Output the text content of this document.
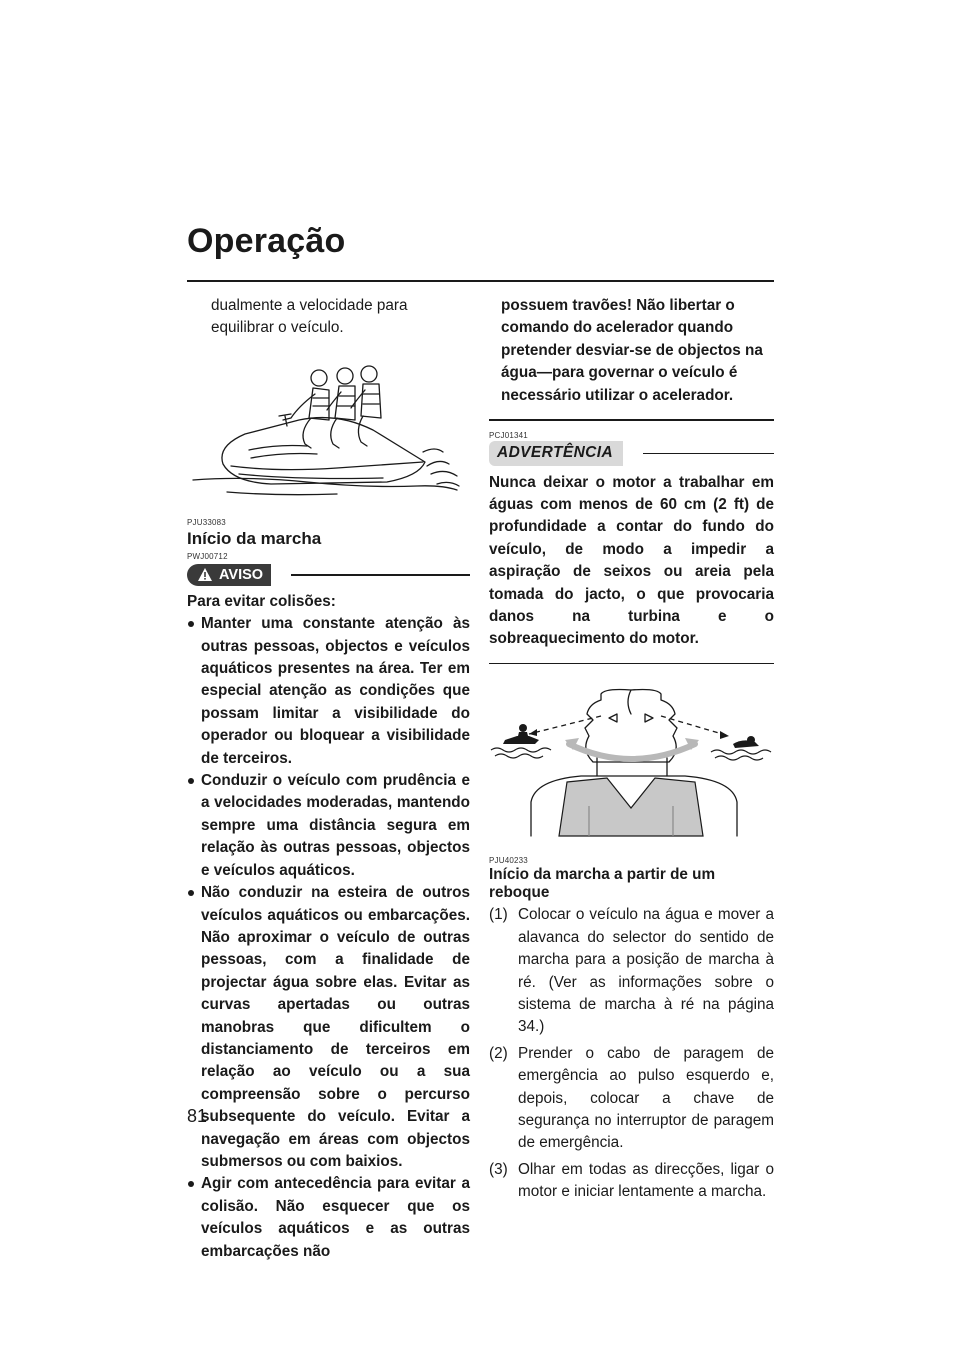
Operação
dualmente a velocidade para equilibrar o veículo.
PJU33083
Início da marcha
PWJ00712
AVISO
Para evitar colisões:
Manter uma constante atenção às outras pessoas, objectos e veículos aquáticos presentes na área. Ter em especial atenção as condições que possam limitar a visibilidade do operador ou bloquear a visibilidade de terceiros.
Conduzir o veículo com prudência e a velocidades moderadas, mantendo sempre uma distância segura em relação às outras pessoas, objectos e veículos aquáticos.
Não conduzir na esteira de outros veículos aquáticos ou embarcações. Não aproximar o veículo de outras pessoas, com a finalidade de projectar água sobre elas. Evitar as curvas apertadas ou outras manobras que dificultem o distanciamento de terceiros em relação ao veículo ou a sua compreensão sobre o percurso subsequente do veículo. Evitar a navegação em áreas com objectos submersos ou com baixios.
Agir com antecedência para evitar a colisão. Não esquecer que os veículos aquáticos e as outras embarcações não
possuem travões! Não libertar o comando do acelerador quando pretender desviar-se de objectos na água—para governar o veículo é necessário utilizar o acelerador.
PCJ01341
ADVERTÊNCIA
Nunca deixar o motor a trabalhar em águas com menos de 60 cm (2 ft) de profundidade a contar do fundo do veículo, de modo a impedir a aspiração de seixos ou areia pela tomada do jacto, o que provocaria danos na turbina e o sobreaquecimento do motor.
PJU40233
Início da marcha a partir de um reboque
(1) Colocar o veículo na água e mover a alavanca do selector do sentido de marcha para a posição de marcha à ré. (Ver as informações sobre o sistema de marcha à ré na página 34.)
(2) Prender o cabo de paragem de emergência ao pulso esquerdo e, depois, colocar a chave de segurança no interruptor de paragem de emergência.
(3) Olhar em todas as direcções, ligar o motor e iniciar lentamente a marcha.
81
